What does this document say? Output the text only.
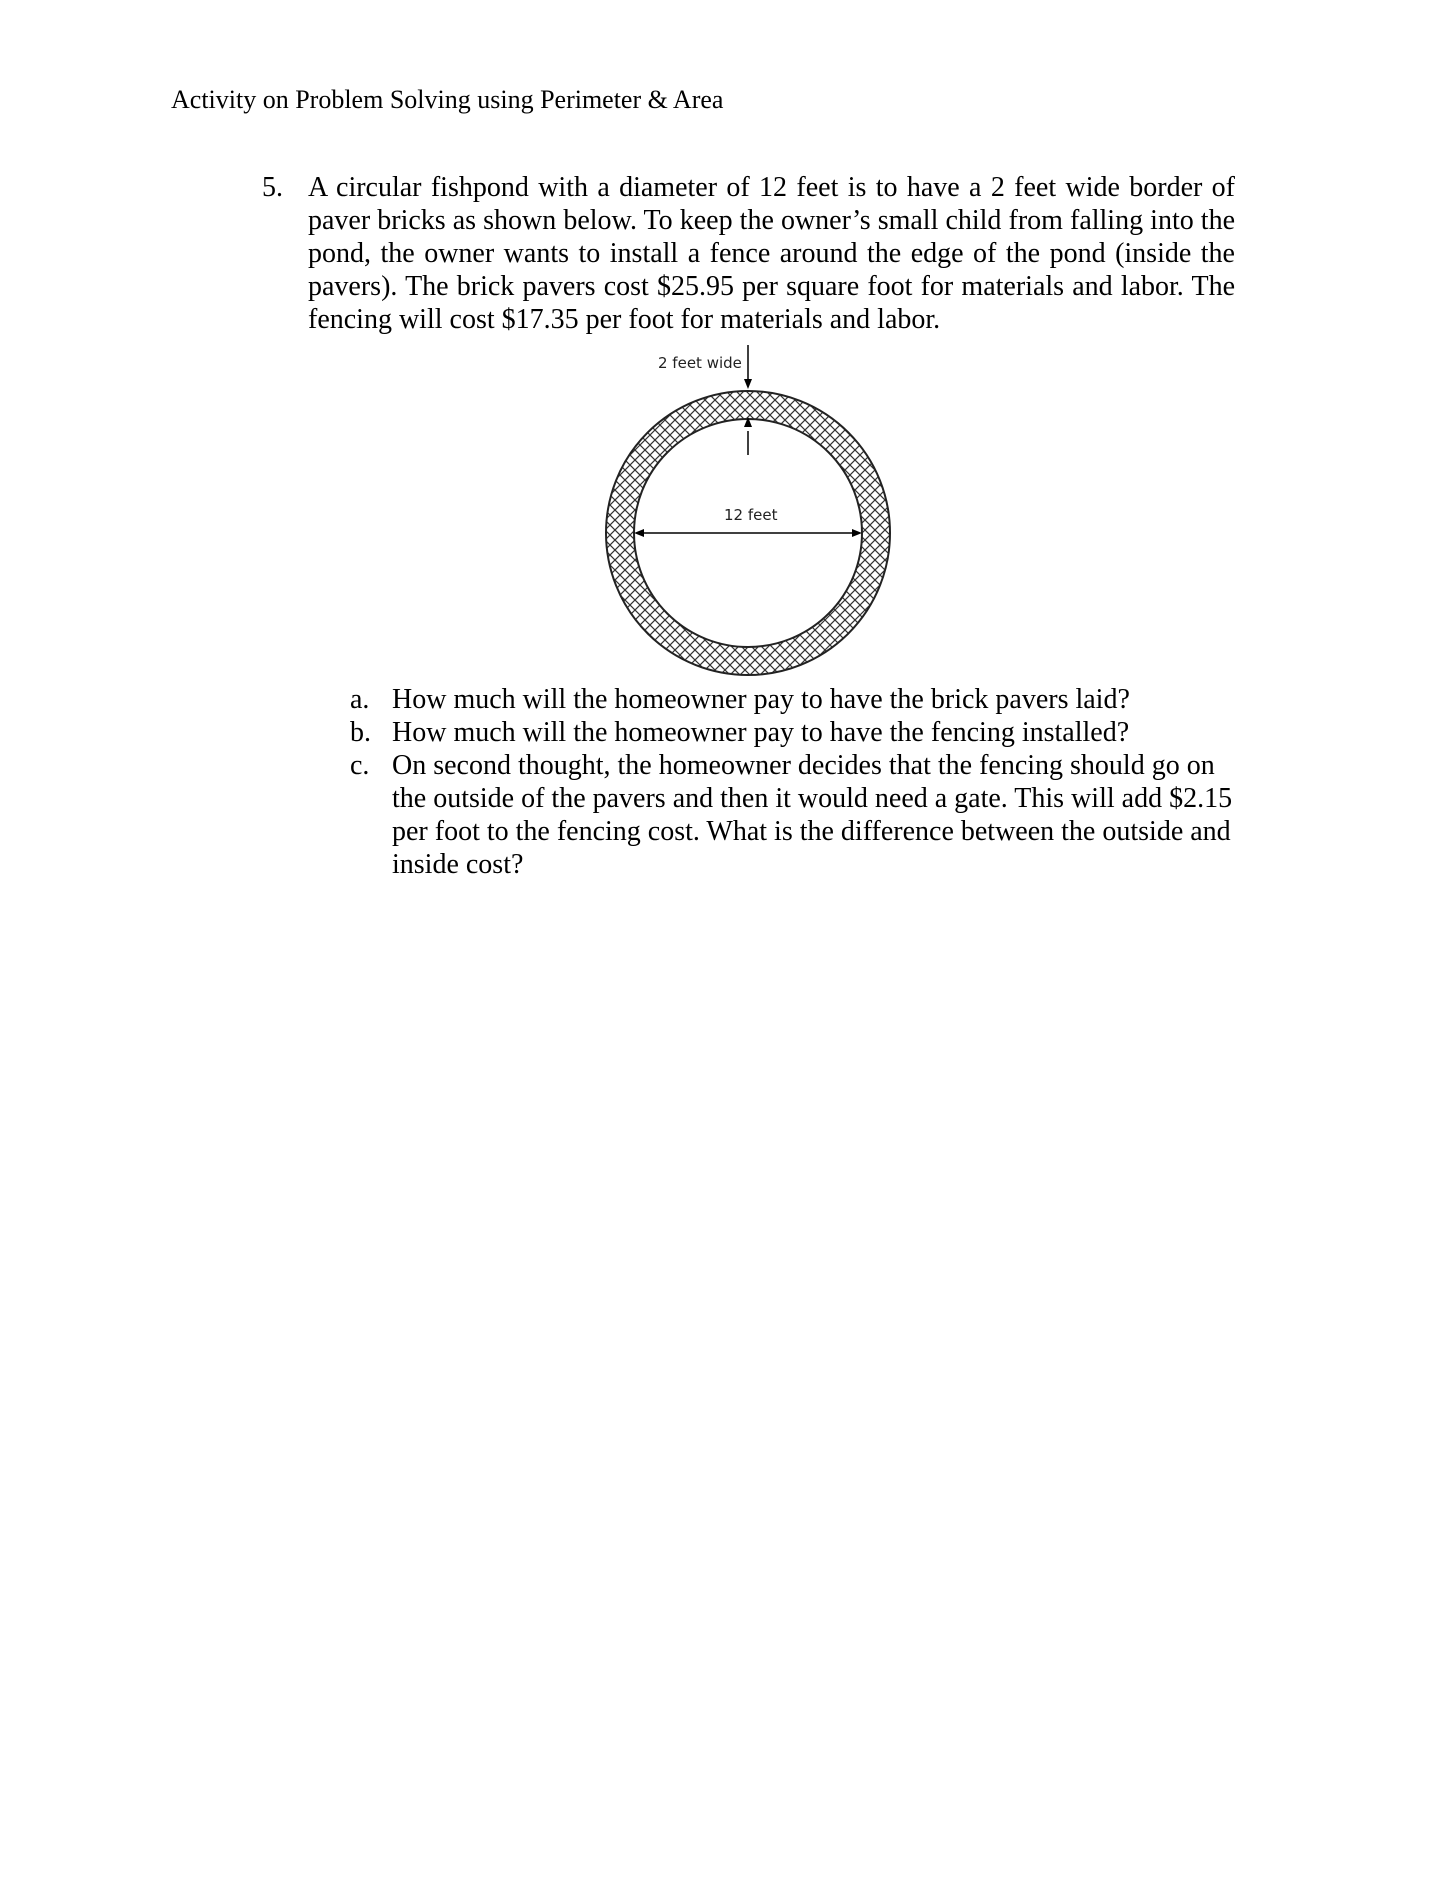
Activity on Problem Solving using Perimeter & Area
5. A circular fishpond with a diameter of 12 feet is to have a 2 feet wide border of paver bricks as shown below. To keep the owner’s small child from falling into the pond, the owner wants to install a fence around the edge of the pond (inside the pavers). The brick pavers cost $25.95 per square foot for materials and labor. The fencing will cost $17.35 per foot for materials and labor.
2 feet wide
12 feet
a. How much will the homeowner pay to have the brick pavers laid?
b. How much will the homeowner pay to have the fencing installed?
c. On second thought, the homeowner decides that the fencing should go on the outside of the pavers and then it would need a gate. This will add $2.15 per foot to the fencing cost. What is the difference between the outside and inside cost?
